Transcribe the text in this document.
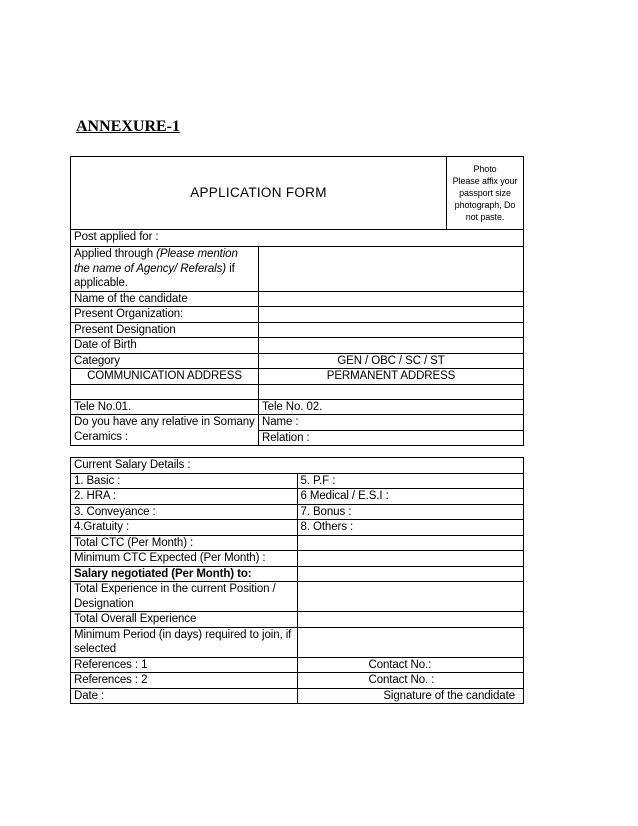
ANNEXURE-1
APPLICATION FORM		Photo
Please affix your
passport size
photograph, Do
not paste.

Post applied for :		
Applied through (Please mention the name of Agency/ Referals) if applicable.		
Name of the candidate		
Present Organization:		
Present Designation		
Date of Birth		
Category	GEN / OBC / SC / ST	
COMMUNICATION ADDRESS	PERMANENT ADDRESS	

Tele No.01.	Tele No. 02.	
Do you have any relative in Somany Ceramics :	Name :	
	Relation :	
Current Salary Details :	
1. Basic :	5. P.F :
2. HRA :	6 Medical / E.S.I :
3. Conveyance :	7. Bonus :
4.Gratuity :	8. Others :
Total CTC (Per Month) :	
Minimum CTC Expected (Per Month) :	
Salary negotiated (Per Month) to:	
Total Experience in the current Position / Designation	
Total Overall Experience	
Minimum Period (in days) required to join, if selected	
References : 1	Contact No.:
References : 2	Contact No. :
Date :	Signature of the candidate
